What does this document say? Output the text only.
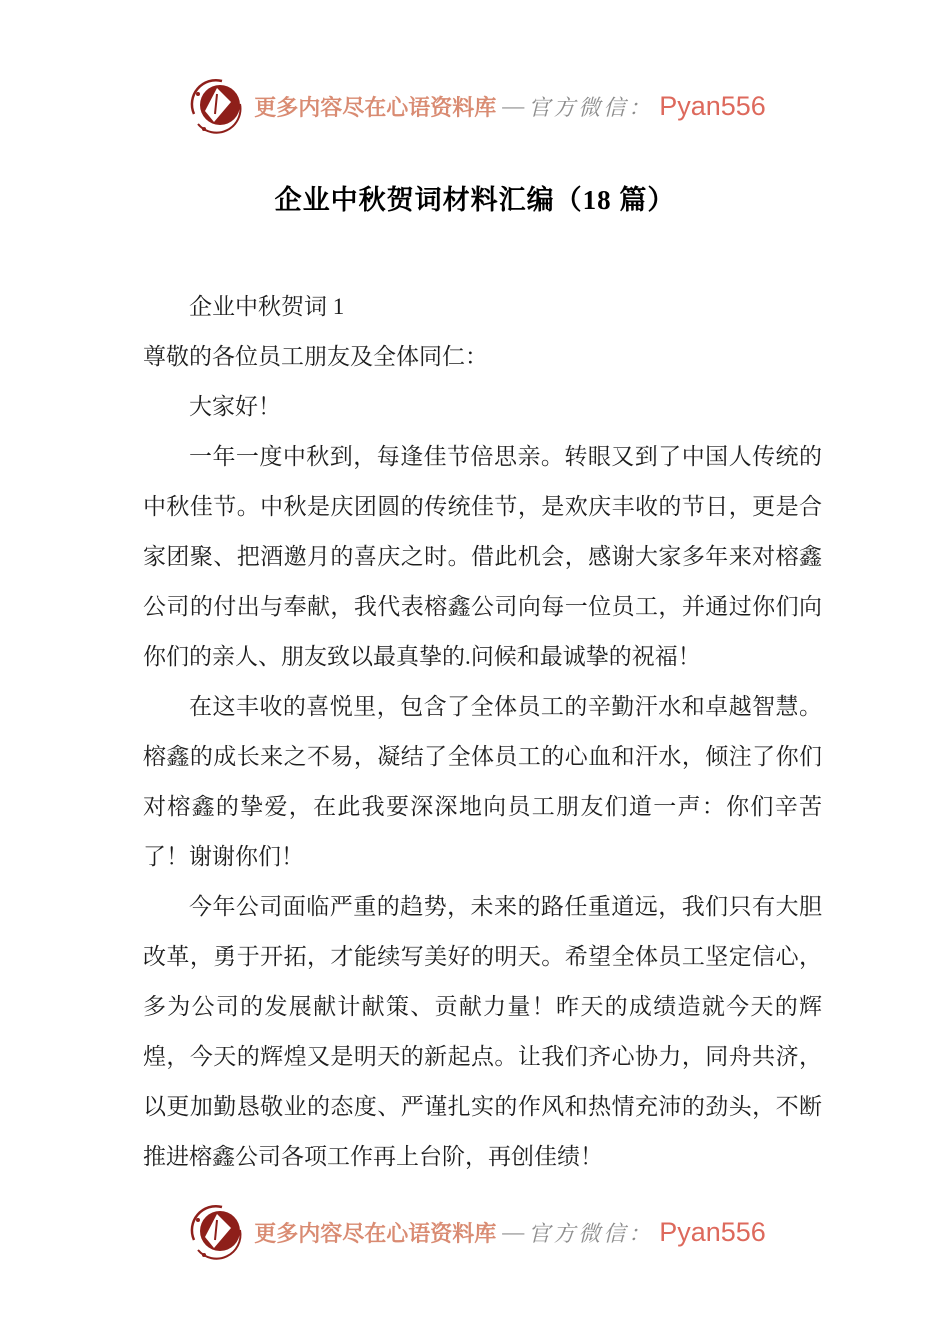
更多内容尽在心语资料库 — 官方微信： Pyan556
企业中秋贺词材料汇编（18 篇）

企业中秋贺词 1

尊敬的各位员工朋友及全体同仁：

大家好！

一年一度中秋到，每逢佳节倍思亲。转眼又到了中国人传统的中秋佳节。中秋是庆团圆的传统佳节，是欢庆丰收的节日，更是合家团聚、把酒邀月的喜庆之时。借此机会，感谢大家多年来对榕鑫公司的付出与奉献，我代表榕鑫公司向每一位员工，并通过你们向你们的亲人、朋友致以最真挚的.问候和最诚挚的祝福！

在这丰收的喜悦里，包含了全体员工的辛勤汗水和卓越智慧。榕鑫的成长来之不易，凝结了全体员工的心血和汗水，倾注了你们对榕鑫的挚爱，在此我要深深地向员工朋友们道一声：你们辛苦了！谢谢你们！

今年公司面临严重的趋势，未来的路任重道远，我们只有大胆改革，勇于开拓，才能续写美好的明天。希望全体员工坚定信心，多为公司的发展献计献策、贡献力量！昨天的成绩造就今天的辉煌，今天的辉煌又是明天的新起点。让我们齐心协力，同舟共济，以更加勤恳敬业的态度、严谨扎实的作风和热情充沛的劲头，不断推进榕鑫公司各项工作再上台阶，再创佳绩！

更多内容尽在心语资料库 — 官方微信： Pyan556
